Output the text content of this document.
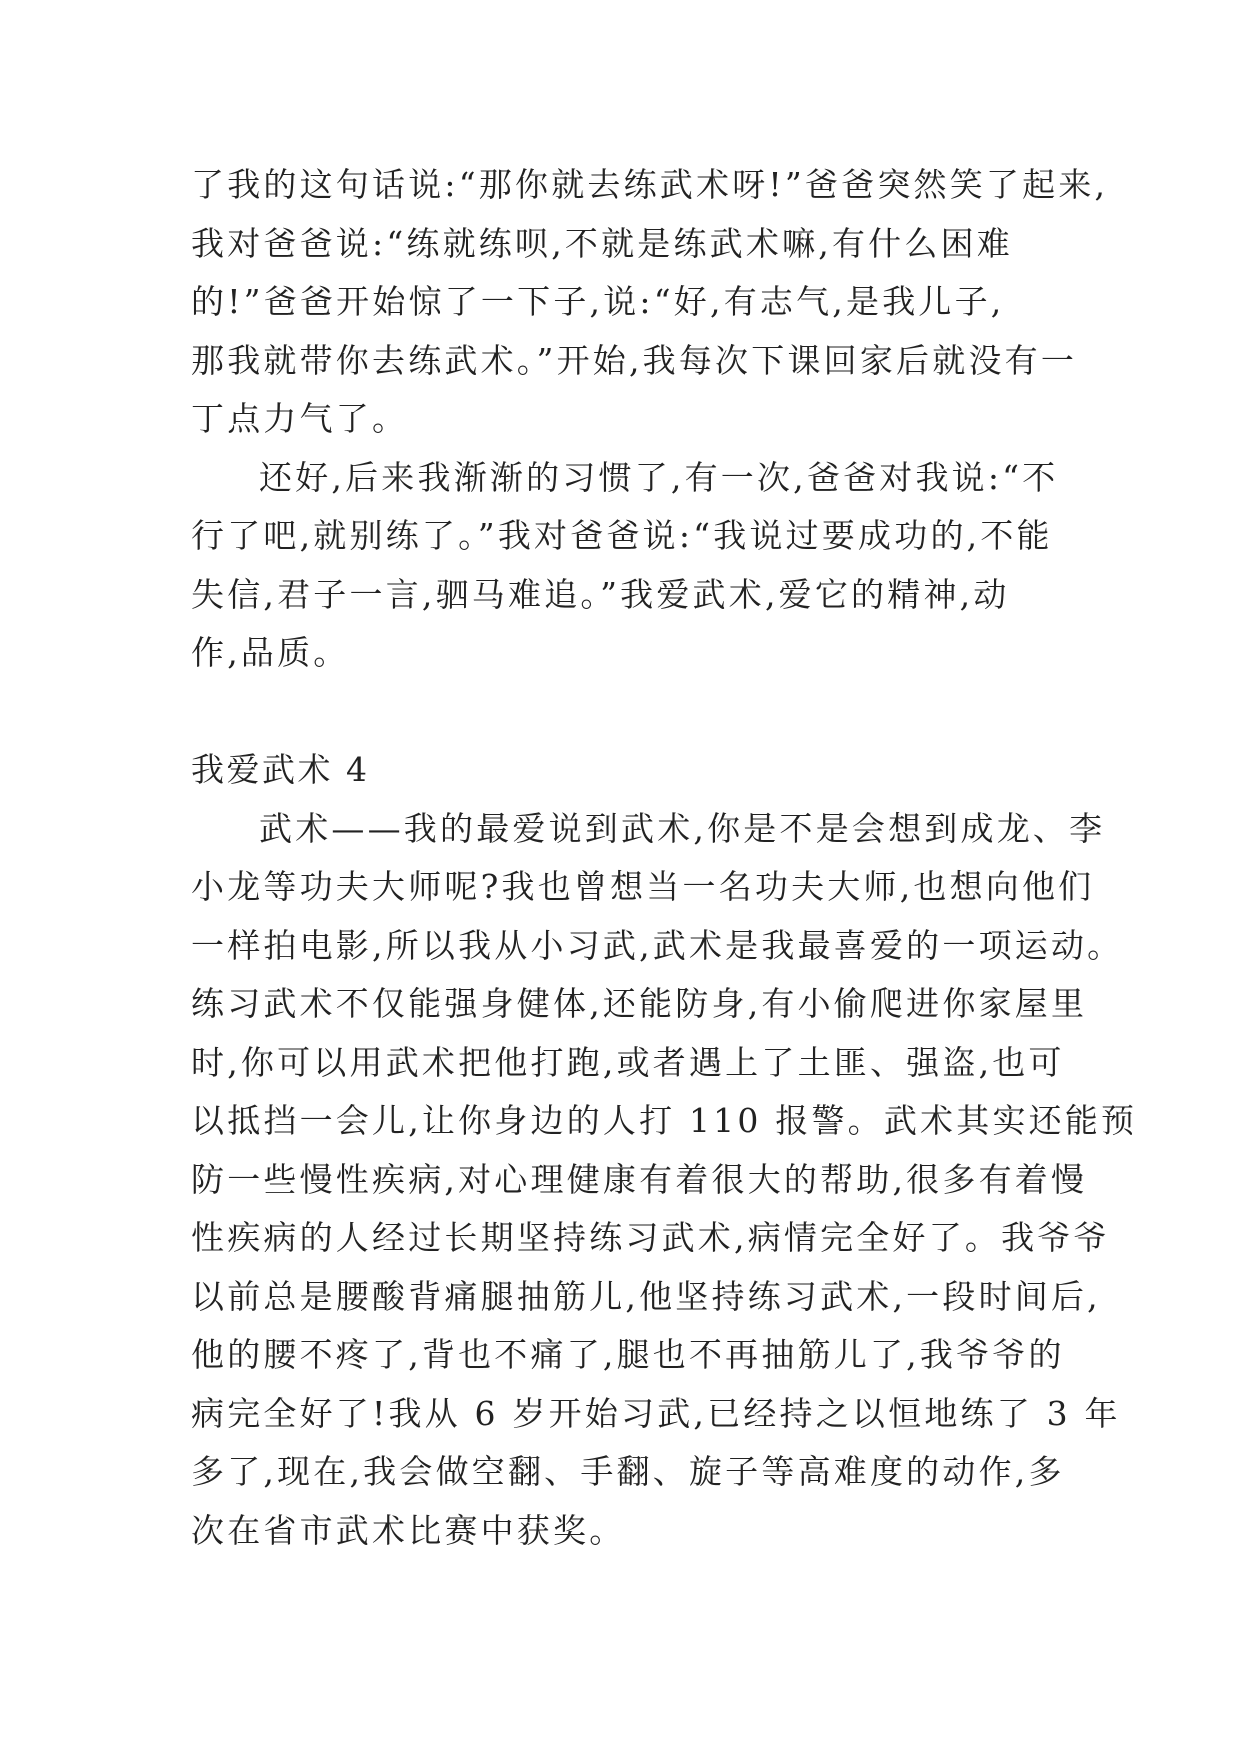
了我的这句话说:“那你就去练武术呀!”爸爸突然笑了起来,
我对爸爸说:“练就练呗,不就是练武术嘛,有什么困难
的!”爸爸开始惊了一下子,说:“好,有志气,是我儿子,
那我就带你去练武术。”开始,我每次下课回家后就没有一
丁点力气了。
还好,后来我渐渐的习惯了,有一次,爸爸对我说:“不
行了吧,就别练了。”我对爸爸说:“我说过要成功的,不能
失信,君子一言,驷马难追。”我爱武术,爱它的精神,动
作,品质。
我爱武术 4
武术——我的最爱说到武术,你是不是会想到成龙、李
小龙等功夫大师呢?我也曾想当一名功夫大师,也想向他们
一样拍电影,所以我从小习武,武术是我最喜爱的一项运动。
练习武术不仅能强身健体,还能防身,有小偷爬进你家屋里
时,你可以用武术把他打跑,或者遇上了土匪、强盗,也可
以抵挡一会儿,让你身边的人打 110 报警。武术其实还能预
防一些慢性疾病,对心理健康有着很大的帮助,很多有着慢
性疾病的人经过长期坚持练习武术,病情完全好了。我爷爷
以前总是腰酸背痛腿抽筋儿,他坚持练习武术,一段时间后,
他的腰不疼了,背也不痛了,腿也不再抽筋儿了,我爷爷的
病完全好了!我从 6 岁开始习武,已经持之以恒地练了 3 年
多了,现在,我会做空翻、手翻、旋子等高难度的动作,多
次在省市武术比赛中获奖。
